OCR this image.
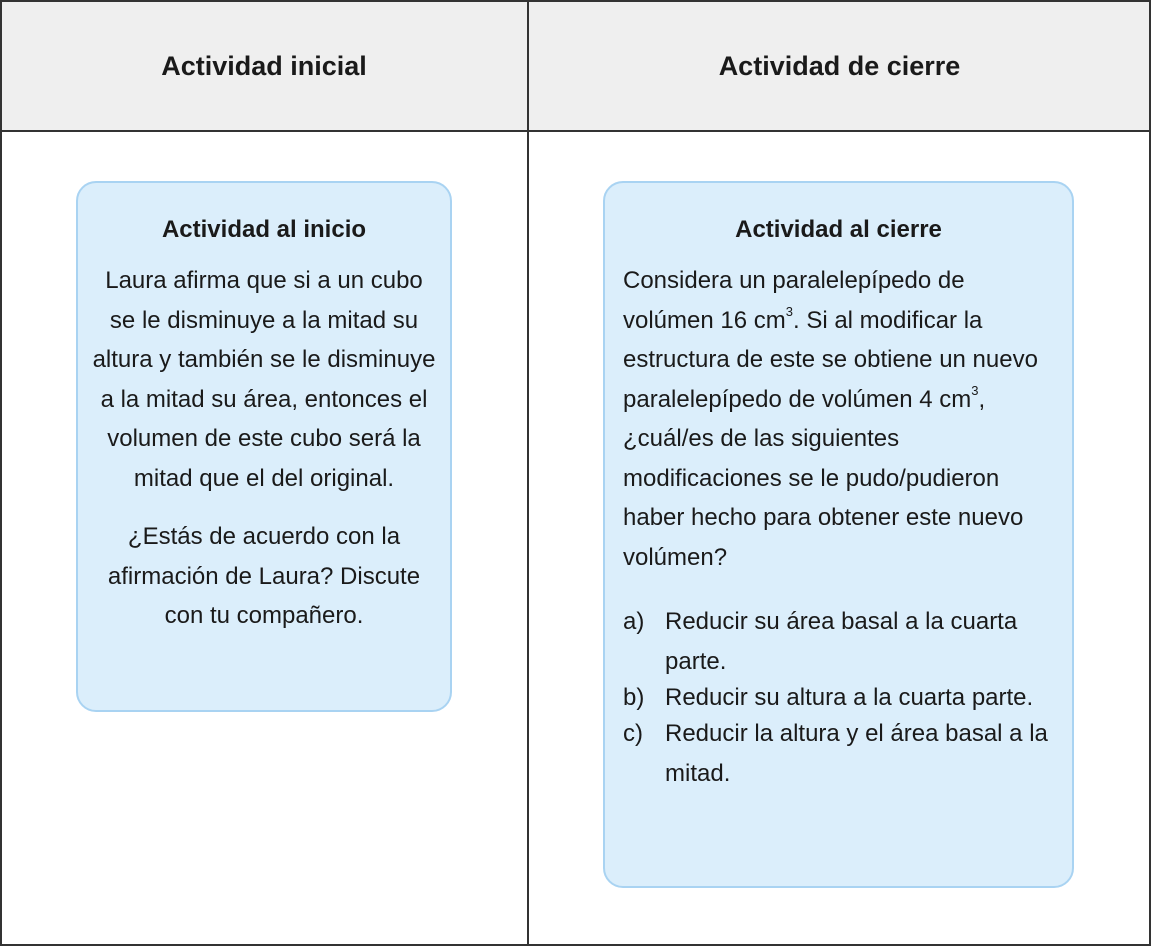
Actividad inicial	Actividad de cierre

Actividad al inicio

Laura afirma que si a un cubo se le disminuye a la mitad su altura y también se le disminuye a la mitad su área, entonces el volumen de este cubo será la mitad que el del original.

¿Estás de acuerdo con la afirmación de Laura? Discute con tu compañero.

Actividad al cierre

Considera un paralelepípedo de volúmen 16 $cm^3$. Si al modificar la estructura de este se obtiene un nuevo paralelepípedo de volúmen 4 $cm^3$, ¿cuál/es de las siguientes modificaciones se le pudo/pudieron haber hecho para obtener este nuevo volúmen?

a) Reducir su área basal a la cuarta parte.
b) Reducir su altura a la cuarta parte.
c) Reducir la altura y el área basal a la mitad.
